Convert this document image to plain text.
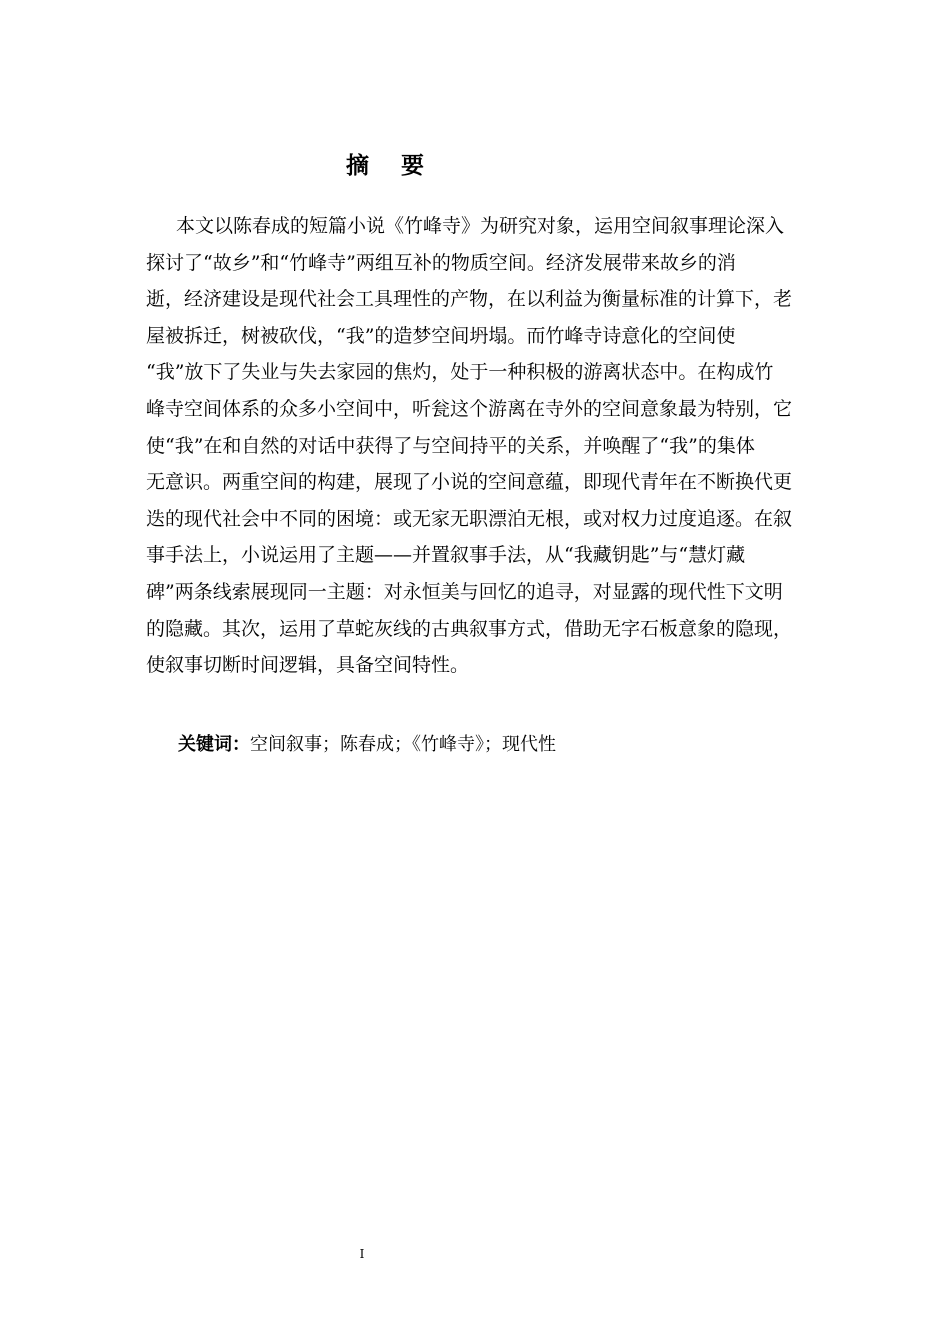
摘    要
本文以陈春成的短篇小说《竹峰寺》为研究对象，运用空间叙事理论深入
探讨了“故乡”和“竹峰寺”两组互补的物质空间。经济发展带来故乡的消
逝，经济建设是现代社会工具理性的产物，在以利益为衡量标准的计算下，老
屋被拆迁，树被砍伐，“我”的造梦空间坍塌。而竹峰寺诗意化的空间使
“我”放下了失业与失去家园的焦灼，处于一种积极的游离状态中。在构成竹
峰寺空间体系的众多小空间中，听瓮这个游离在寺外的空间意象最为特别，它
使“我”在和自然的对话中获得了与空间持平的关系，并唤醒了“我”的集体
无意识。两重空间的构建，展现了小说的空间意蕴，即现代青年在不断换代更
迭的现代社会中不同的困境：或无家无职漂泊无根，或对权力过度追逐。在叙
事手法上，小说运用了主题——并置叙事手法，从“我藏钥匙”与“慧灯藏
碑”两条线索展现同一主题：对永恒美与回忆的追寻，对显露的现代性下文明
的隐藏。其次，运用了草蛇灰线的古典叙事方式，借助无字石板意象的隐现，
使叙事切断时间逻辑，具备空间特性。
关键词：空间叙事；陈春成；《竹峰寺》；现代性
I
